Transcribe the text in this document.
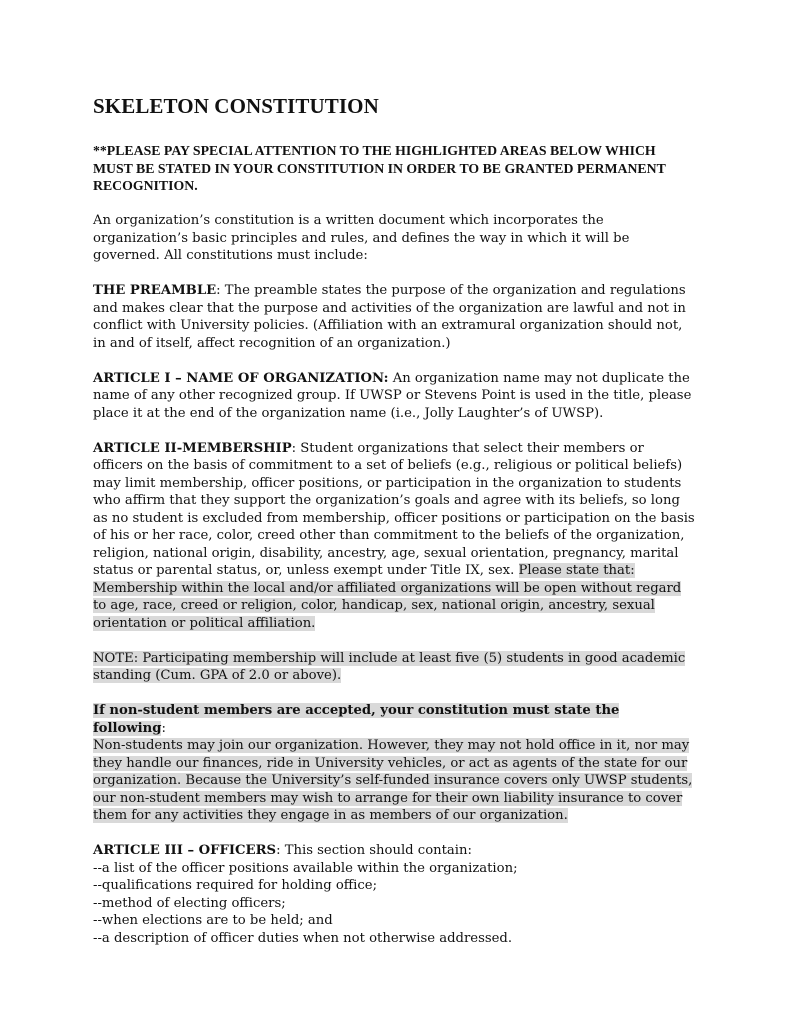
SKELETON CONSTITUTION

**PLEASE PAY SPECIAL ATTENTION TO THE HIGHLIGHTED AREAS BELOW WHICH MUST BE STATED IN YOUR CONSTITUTION IN ORDER TO BE GRANTED PERMANENT RECOGNITION.

An organization’s constitution is a written document which incorporates the organization’s basic principles and rules, and defines the way in which it will be governed. All constitutions must include:

THE PREAMBLE: The preamble states the purpose of the organization and regulations and makes clear that the purpose and activities of the organization are lawful and not in conflict with University policies. (Affiliation with an extramural organization should not, in and of itself, affect recognition of an organization.)

ARTICLE I – NAME OF ORGANIZATION: An organization name may not duplicate the name of any other recognized group. If UWSP or Stevens Point is used in the title, please place it at the end of the organization name (i.e., Jolly Laughter’s of UWSP).

ARTICLE II-MEMBERSHIP: Student organizations that select their members or officers on the basis of commitment to a set of beliefs (e.g., religious or political beliefs) may limit membership, officer positions, or participation in the organization to students who affirm that they support the organization’s goals and agree with its beliefs, so long as no student is excluded from membership, officer positions or participation on the basis of his or her race, color, creed other than commitment to the beliefs of the organization, religion, national origin, disability, ancestry, age, sexual orientation, pregnancy, marital status or parental status, or, unless exempt under Title IX, sex. Please state that: Membership within the local and/or affiliated organizations will be open without regard to age, race, creed or religion, color, handicap, sex, national origin, ancestry, sexual orientation or political affiliation.

NOTE: Participating membership will include at least five (5) students in good academic standing (Cum. GPA of 2.0 or above).

If non-student members are accepted, your constitution must state the following:
Non-students may join our organization. However, they may not hold office in it, nor may they handle our finances, ride in University vehicles, or act as agents of the state for our organization. Because the University’s self-funded insurance covers only UWSP students, our non-student members may wish to arrange for their own liability insurance to cover them for any activities they engage in as members of our organization.

ARTICLE III – OFFICERS: This section should contain:

--a list of the officer positions available within the organization;

--qualifications required for holding office;

--method of electing officers;

--when elections are to be held; and

--a description of officer duties when not otherwise addressed.
